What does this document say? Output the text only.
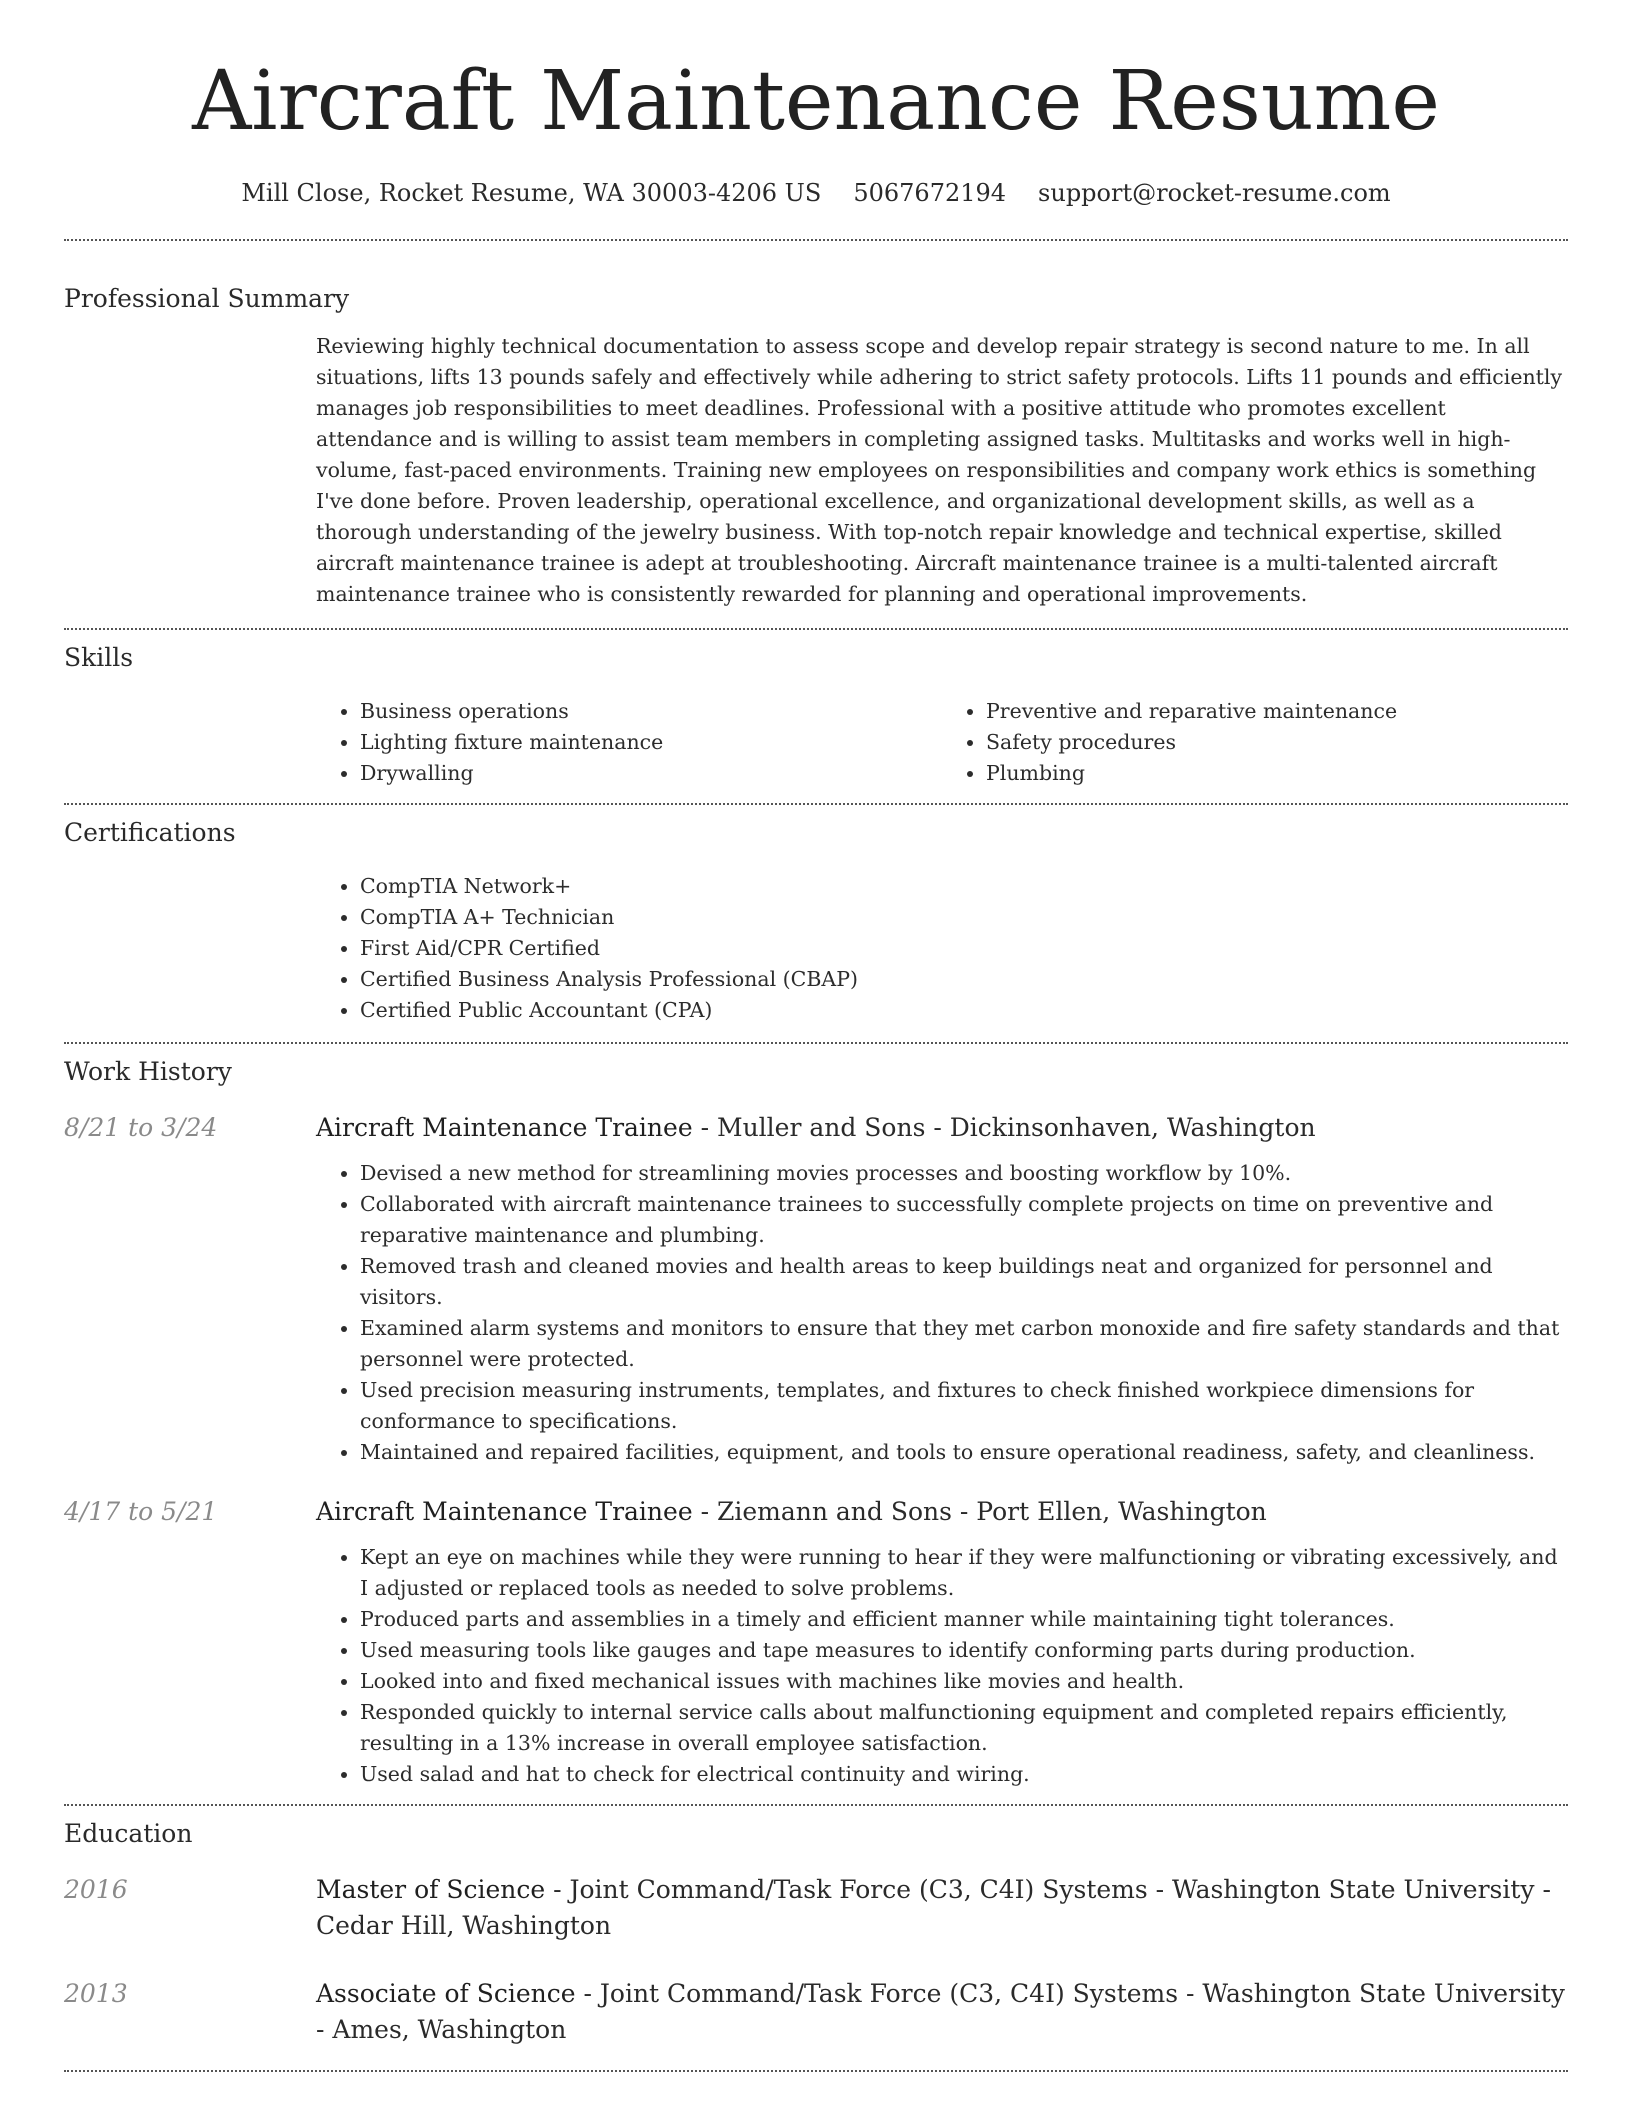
Aircraft Maintenance Resume
Mill Close, Rocket Resume, WA 30003-4206 US 5067672194 support@rocket-resume.com
Professional Summary
Reviewing highly technical documentation to assess scope and develop repair strategy is second nature to me. In all situations, lifts 13 pounds safely and effectively while adhering to strict safety protocols. Lifts 11 pounds and efficiently manages job responsibilities to meet deadlines. Professional with a positive attitude who promotes excellent attendance and is willing to assist team members in completing assigned tasks. Multitasks and works well in high-volume, fast-paced environments. Training new employees on responsibilities and company work ethics is something I've done before. Proven leadership, operational excellence, and organizational development skills, as well as a thorough understanding of the jewelry business. With top-notch repair knowledge and technical expertise, skilled aircraft maintenance trainee is adept at troubleshooting. Aircraft maintenance trainee is a multi-talented aircraft maintenance trainee who is consistently rewarded for planning and operational improvements.
Skills
• Business operations
• Lighting fixture maintenance
• Drywalling
• Preventive and reparative maintenance
• Safety procedures
• Plumbing
Certifications
• CompTIA Network+
• CompTIA A+ Technician
• First Aid/CPR Certified
• Certified Business Analysis Professional (CBAP)
• Certified Public Accountant (CPA)
Work History
8/21 to 3/24	Aircraft Maintenance Trainee - Muller and Sons - Dickinsonhaven, Washington
• Devised a new method for streamlining movies processes and boosting workflow by 10%.
• Collaborated with aircraft maintenance trainees to successfully complete projects on time on preventive and reparative maintenance and plumbing.
• Removed trash and cleaned movies and health areas to keep buildings neat and organized for personnel and visitors.
• Examined alarm systems and monitors to ensure that they met carbon monoxide and fire safety standards and that personnel were protected.
• Used precision measuring instruments, templates, and fixtures to check finished workpiece dimensions for conformance to specifications.
• Maintained and repaired facilities, equipment, and tools to ensure operational readiness, safety, and cleanliness.
4/17 to 5/21	Aircraft Maintenance Trainee - Ziemann and Sons - Port Ellen, Washington
• Kept an eye on machines while they were running to hear if they were malfunctioning or vibrating excessively, and I adjusted or replaced tools as needed to solve problems.
• Produced parts and assemblies in a timely and efficient manner while maintaining tight tolerances.
• Used measuring tools like gauges and tape measures to identify conforming parts during production.
• Looked into and fixed mechanical issues with machines like movies and health.
• Responded quickly to internal service calls about malfunctioning equipment and completed repairs efficiently, resulting in a 13% increase in overall employee satisfaction.
• Used salad and hat to check for electrical continuity and wiring.
Education
2016	Master of Science - Joint Command/Task Force (C3, C4I) Systems - Washington State University - Cedar Hill, Washington
2013	Associate of Science - Joint Command/Task Force (C3, C4I) Systems - Washington State University - Ames, Washington
